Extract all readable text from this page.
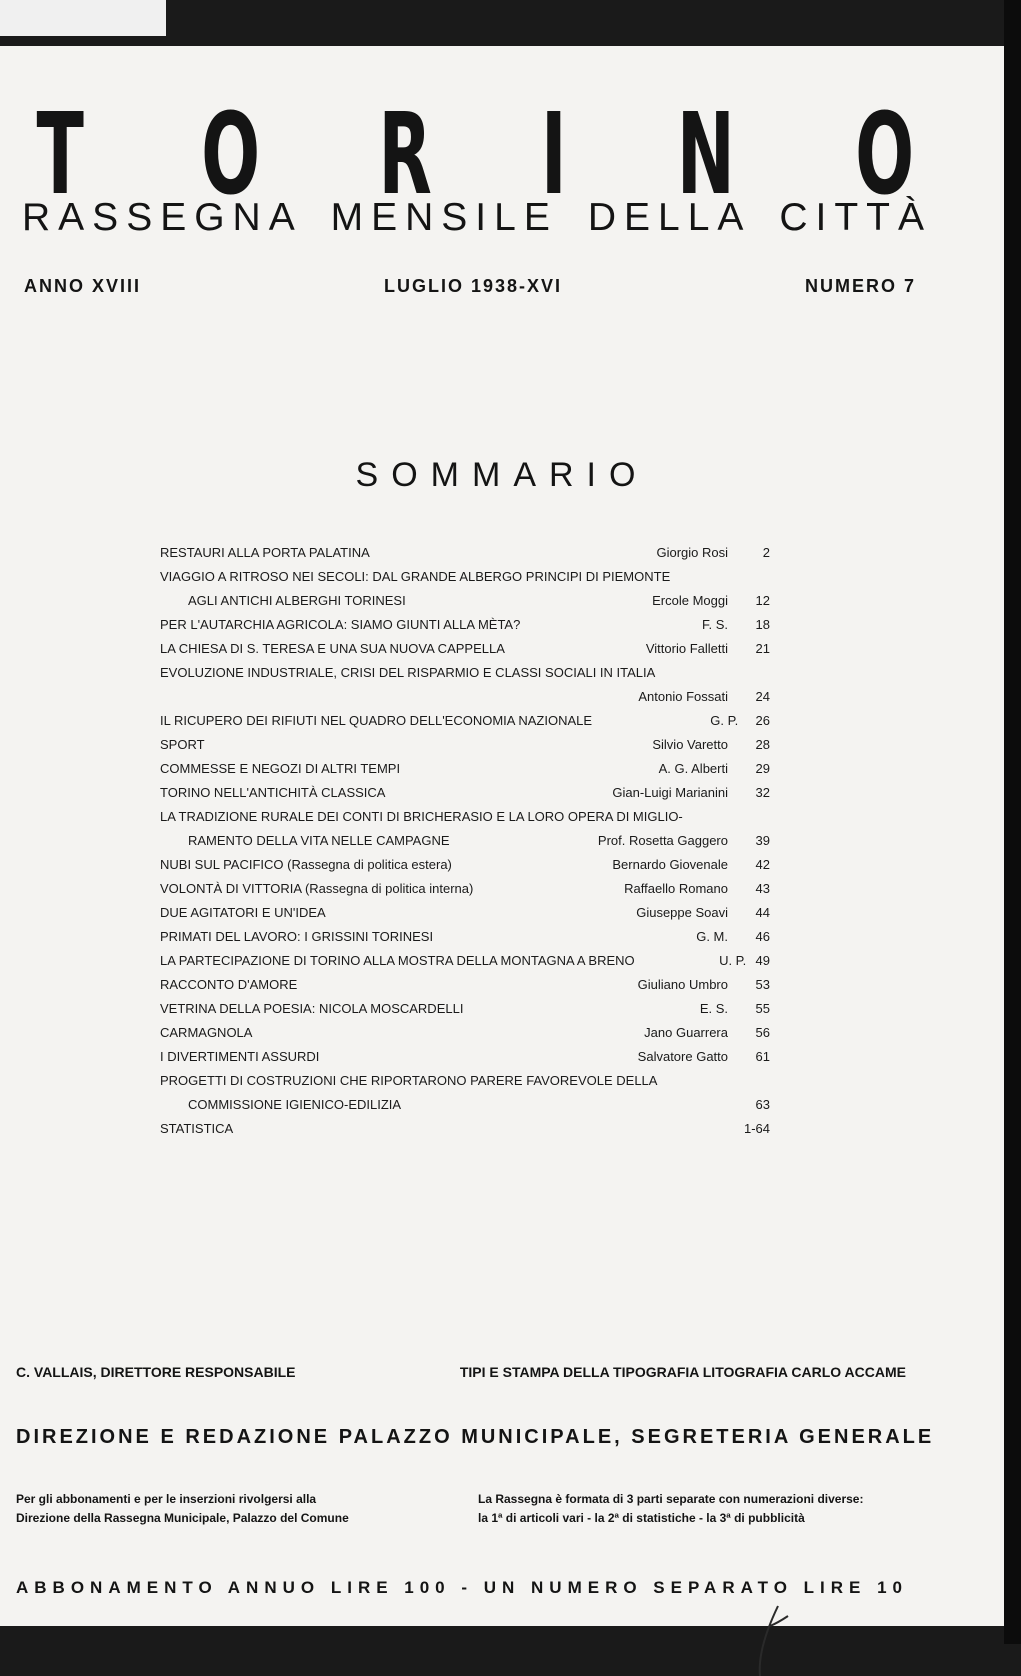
T O R I N O
RASSEGNA MENSILE DELLA CITTÀ
ANNO XVIII	LUGLIO 1938-XVI	NUMERO 7
SOMMARIO
RESTAURI ALLA PORTA PALATINA	Giorgio Rosi	2
VIAGGIO A RITROSO NEI SECOLI: DAL GRANDE ALBERGO PRINCIPI DI PIEMONTE
AGLI ANTICHI ALBERGHI TORINESI	Ercole Moggi	12
PER L'AUTARCHIA AGRICOLA: SIAMO GIUNTI ALLA MÈTA?	F. S.	18
LA CHIESA DI S. TERESA E UNA SUA NUOVA CAPPELLA	Vittorio Falletti	21
EVOLUZIONE INDUSTRIALE, CRISI DEL RISPARMIO E CLASSI SOCIALI IN ITALIA
Antonio Fossati	24
IL RICUPERO DEI RIFIUTI NEL QUADRO DELL'ECONOMIA NAZIONALE	G. P.	26
SPORT	Silvio Varetto	28
COMMESSE E NEGOZI DI ALTRI TEMPI	A. G. Alberti	29
TORINO NELL'ANTICHITÀ CLASSICA	Gian-Luigi Marianini	32
LA TRADIZIONE RURALE DEI CONTI DI BRICHERASIO E LA LORO OPERA DI MIGLIO-
RAMENTO DELLA VITA NELLE CAMPAGNE	Prof. Rosetta Gaggero	39
NUBI SUL PACIFICO (Rassegna di politica estera)	Bernardo Giovenale	42
VOLONTÀ DI VITTORIA (Rassegna di politica interna)	Raffaello Romano	43
DUE AGITATORI E UN'IDEA	Giuseppe Soavi	44
PRIMATI DEL LAVORO: I GRISSINI TORINESI	G. M.	46
LA PARTECIPAZIONE DI TORINO ALLA MOSTRA DELLA MONTAGNA A BRENO	U. P. 49
RACCONTO D'AMORE	Giuliano Umbro	53
VETRINA DELLA POESIA: NICOLA MOSCARDELLI	E. S.	55
CARMAGNOLA	Jano Guarrera	56
I DIVERTIMENTI ASSURDI	Salvatore Gatto	61
PROGETTI DI COSTRUZIONI CHE RIPORTARONO PARERE FAVOREVOLE DELLA
COMMISSIONE IGIENICO-EDILIZIA	63
STATISTICA	1-64
C. VALLAIS, DIRETTORE RESPONSABILE	TIPI E STAMPA DELLA TIPOGRAFIA LITOGRAFIA CARLO ACCAME
DIREZIONE E REDAZIONE PALAZZO MUNICIPALE, SEGRETERIA GENERALE
Per gli abbonamenti e per le inserzioni rivolgersi alla
Direzione della Rassegna Municipale, Palazzo del Comune
La Rassegna è formata di 3 parti separate con numerazioni diverse:
la 1ª di articoli vari - la 2ª di statistiche - la 3ª di pubblicità
ABBONAMENTO ANNUO LIRE 100 - UN NUMERO SEPARATO LIRE 10
